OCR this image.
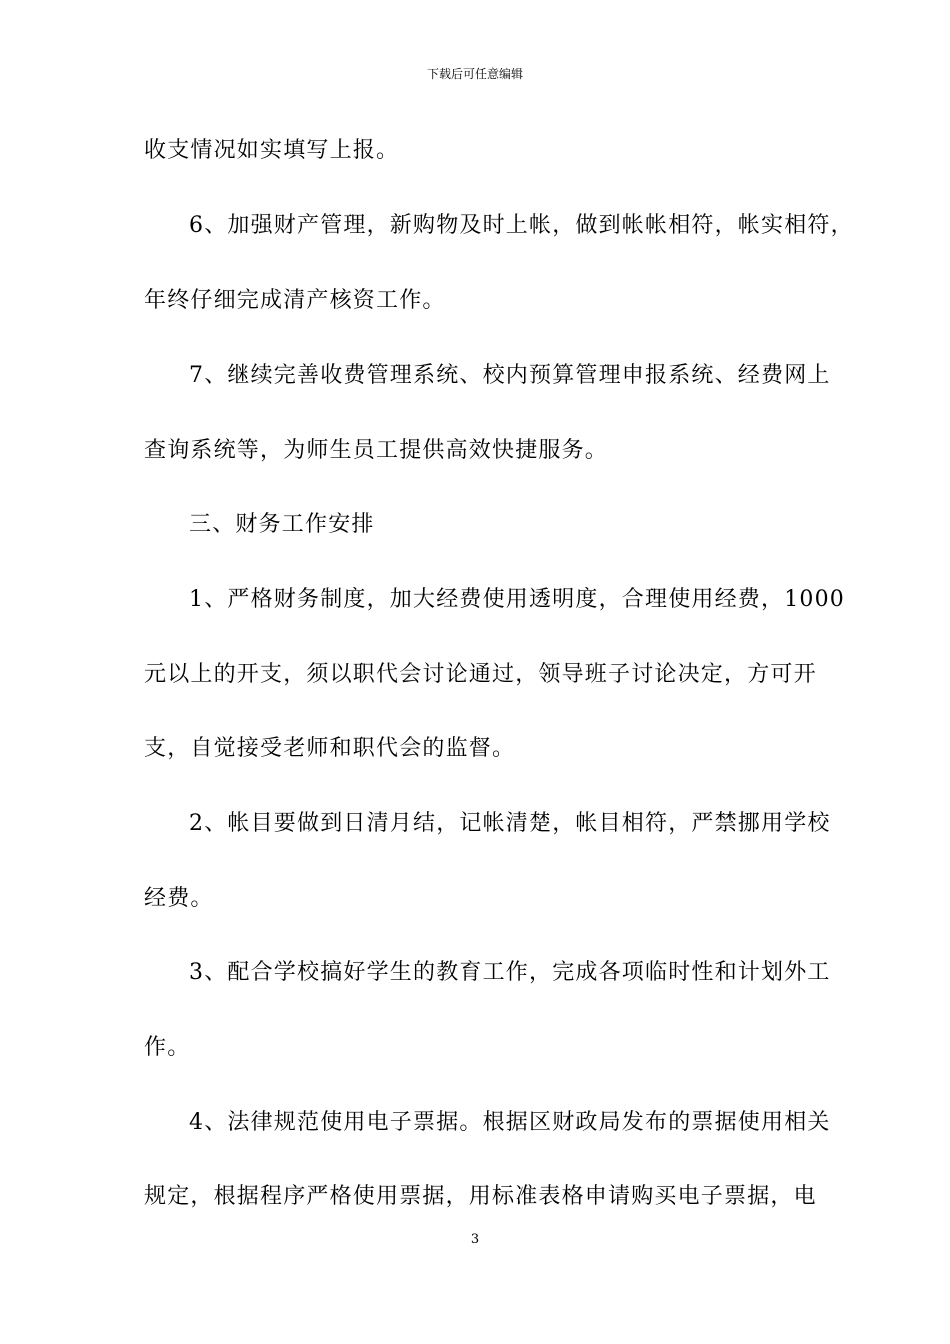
下载后可任意编辑
收支情况如实填写上报。
6、加强财产管理，新购物及时上帐，做到帐帐相符，帐实相符，
年终仔细完成清产核资工作。
7、继续完善收费管理系统、校内预算管理申报系统、经费网上
查询系统等，为师生员工提供高效快捷服务。
三、财务工作安排
1、严格财务制度，加大经费使用透明度，合理使用经费，1000
元以上的开支，须以职代会讨论通过，领导班子讨论决定，方可开
支，自觉接受老师和职代会的监督。
2、帐目要做到日清月结，记帐清楚，帐目相符，严禁挪用学校
经费。
3、配合学校搞好学生的教育工作，完成各项临时性和计划外工
作。
4、法律规范使用电子票据。根据区财政局发布的票据使用相关
规定，根据程序严格使用票据，用标准表格申请购买电子票据，电
3
